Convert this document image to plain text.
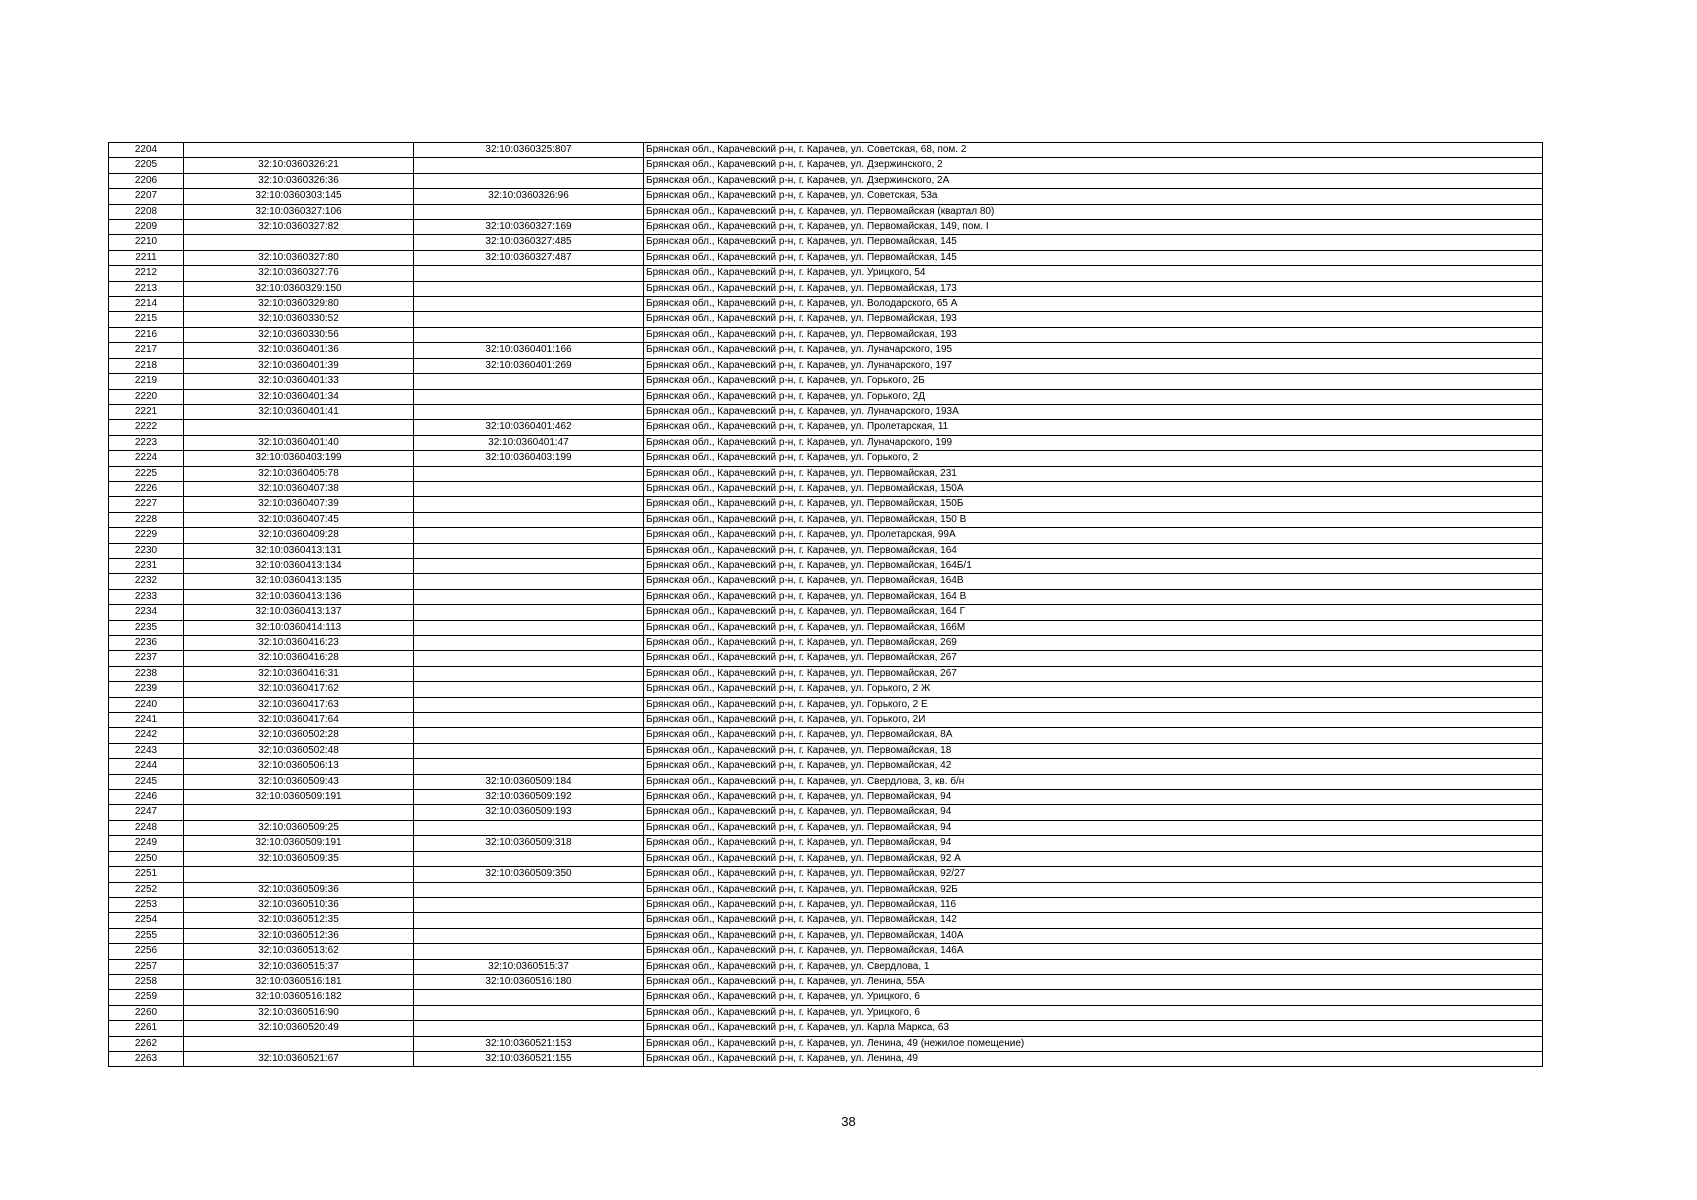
2204		32:10:0360325:807	Брянская обл., Карачевский р-н, г. Карачев, ул. Советская, 68, пом. 2
2205	32:10:0360326:21		Брянская обл., Карачевский р-н, г. Карачев, ул. Дзержинского, 2
2206	32:10:0360326:36		Брянская обл., Карачевский р-н, г. Карачев, ул. Дзержинского, 2А
2207	32:10:0360303:145	32:10:0360326:96	Брянская обл., Карачевский р-н, г. Карачев, ул. Советская, 53а
2208	32:10:0360327:106		Брянская обл., Карачевский р-н, г. Карачев, ул. Первомайская (квартал 80)
2209	32:10:0360327:82	32:10:0360327:169	Брянская обл., Карачевский р-н, г. Карачев, ул. Первомайская, 149, пом. I
2210		32:10:0360327:485	Брянская обл., Карачевский р-н, г. Карачев, ул. Первомайская, 145
2211	32:10:0360327:80	32:10:0360327:487	Брянская обл., Карачевский р-н, г. Карачев, ул. Первомайская, 145
2212	32:10:0360327:76		Брянская обл., Карачевский р-н, г. Карачев, ул. Урицкого, 54
2213	32:10:0360329:150		Брянская обл., Карачевский р-н, г. Карачев, ул. Первомайская, 173
2214	32:10:0360329:80		Брянская обл., Карачевский р-н, г. Карачев, ул. Володарского, 65 А
2215	32:10:0360330:52		Брянская обл., Карачевский р-н, г. Карачев, ул. Первомайская, 193
2216	32:10:0360330:56		Брянская обл., Карачевский р-н, г. Карачев, ул. Первомайская, 193
2217	32:10:0360401:36	32:10:0360401:166	Брянская обл., Карачевский р-н, г. Карачев, ул. Луначарского, 195
2218	32:10:0360401:39	32:10:0360401:269	Брянская обл., Карачевский р-н, г. Карачев, ул. Луначарского, 197
2219	32:10:0360401:33		Брянская обл., Карачевский р-н, г. Карачев, ул. Горького, 2Б
2220	32:10:0360401:34		Брянская обл., Карачевский р-н, г. Карачев, ул. Горького, 2Д
2221	32:10:0360401:41		Брянская обл., Карачевский р-н, г. Карачев, ул. Луначарского, 193А
2222		32:10:0360401:462	Брянская обл., Карачевский р-н, г. Карачев, ул. Пролетарская, 11
2223	32:10:0360401:40	32:10:0360401:47	Брянская обл., Карачевский р-н, г. Карачев, ул. Луначарского, 199
2224	32:10:0360403:199	32:10:0360403:199	Брянская обл., Карачевский р-н, г. Карачев, ул. Горького, 2
2225	32:10:0360405:78		Брянская обл., Карачевский р-н, г. Карачев, ул. Первомайская, 231
2226	32:10:0360407:38		Брянская обл., Карачевский р-н, г. Карачев, ул. Первомайская, 150А
2227	32:10:0360407:39		Брянская обл., Карачевский р-н, г. Карачев, ул. Первомайская, 150Б
2228	32:10:0360407:45		Брянская обл., Карачевский р-н, г. Карачев, ул. Первомайская, 150 В
2229	32:10:0360409:28		Брянская обл., Карачевский р-н, г. Карачев, ул. Пролетарская, 99А
2230	32:10:0360413:131		Брянская обл., Карачевский р-н, г. Карачев, ул. Первомайская, 164
2231	32:10:0360413:134		Брянская обл., Карачевский р-н, г. Карачев, ул. Первомайская, 164Б/1
2232	32:10:0360413:135		Брянская обл., Карачевский р-н, г. Карачев, ул. Первомайская, 164В
2233	32:10:0360413:136		Брянская обл., Карачевский р-н, г. Карачев, ул. Первомайская, 164 В
2234	32:10:0360413:137		Брянская обл., Карачевский р-н, г. Карачев, ул. Первомайская, 164 Г
2235	32:10:0360414:113		Брянская обл., Карачевский р-н, г. Карачев, ул. Первомайская, 166М
2236	32:10:0360416:23		Брянская обл., Карачевский р-н, г. Карачев, ул. Первомайская, 269
2237	32:10:0360416:28		Брянская обл., Карачевский р-н, г. Карачев, ул. Первомайская, 267
2238	32:10:0360416:31		Брянская обл., Карачевский р-н, г. Карачев, ул. Первомайская, 267
2239	32:10:0360417:62		Брянская обл., Карачевский р-н, г. Карачев, ул. Горького, 2 Ж
2240	32:10:0360417:63		Брянская обл., Карачевский р-н, г. Карачев, ул. Горького, 2 Е
2241	32:10:0360417:64		Брянская обл., Карачевский р-н, г. Карачев, ул. Горького, 2И
2242	32:10:0360502:28		Брянская обл., Карачевский р-н, г. Карачев, ул. Первомайская, 8А
2243	32:10:0360502:48		Брянская обл., Карачевский р-н, г. Карачев, ул. Первомайская, 18
2244	32:10:0360506:13		Брянская обл., Карачевский р-н, г. Карачев, ул. Первомайская, 42
2245	32:10:0360509:43	32:10:0360509:184	Брянская обл., Карачевский р-н, г. Карачев, ул. Свердлова, 3, кв. б/н
2246	32:10:0360509:191	32:10:0360509:192	Брянская обл., Карачевский р-н, г. Карачев, ул. Первомайская, 94
2247		32:10:0360509:193	Брянская обл., Карачевский р-н, г. Карачев, ул. Первомайская, 94
2248	32:10:0360509:25		Брянская обл., Карачевский р-н, г. Карачев, ул. Первомайская, 94
2249	32:10:0360509:191	32:10:0360509:318	Брянская обл., Карачевский р-н, г. Карачев, ул. Первомайская, 94
2250	32:10:0360509:35		Брянская обл., Карачевский р-н, г. Карачев, ул. Первомайская, 92 А
2251		32:10:0360509:350	Брянская обл., Карачевский р-н, г. Карачев, ул. Первомайская, 92/27
2252	32:10:0360509:36		Брянская обл., Карачевский р-н, г. Карачев, ул. Первомайская, 92Б
2253	32:10:0360510:36		Брянская обл., Карачевский р-н, г. Карачев, ул. Первомайская, 116
2254	32:10:0360512:35		Брянская обл., Карачевский р-н, г. Карачев, ул. Первомайская, 142
2255	32:10:0360512:36		Брянская обл., Карачевский р-н, г. Карачев, ул. Первомайская, 140А
2256	32:10:0360513:62		Брянская обл., Карачевский р-н, г. Карачев, ул. Первомайская, 146А
2257	32:10:0360515:37	32:10:0360515:37	Брянская обл., Карачевский р-н, г. Карачев, ул. Свердлова, 1
2258	32:10:0360516:181	32:10:0360516:180	Брянская обл., Карачевский р-н, г. Карачев, ул. Ленина, 55А
2259	32:10:0360516:182		Брянская обл., Карачевский р-н, г. Карачев, ул. Урицкого, 6
2260	32:10:0360516:90		Брянская обл., Карачевский р-н, г. Карачев, ул. Урицкого, 6
2261	32:10:0360520:49		Брянская обл., Карачевский р-н, г. Карачев, ул. Карла Маркса, 63
2262		32:10:0360521:153	Брянская обл., Карачевский р-н, г. Карачев, ул. Ленина, 49 (нежилое помещение)
2263	32:10:0360521:67	32:10:0360521:155	Брянская обл., Карачевский р-н, г. Карачев, ул. Ленина, 49
38
